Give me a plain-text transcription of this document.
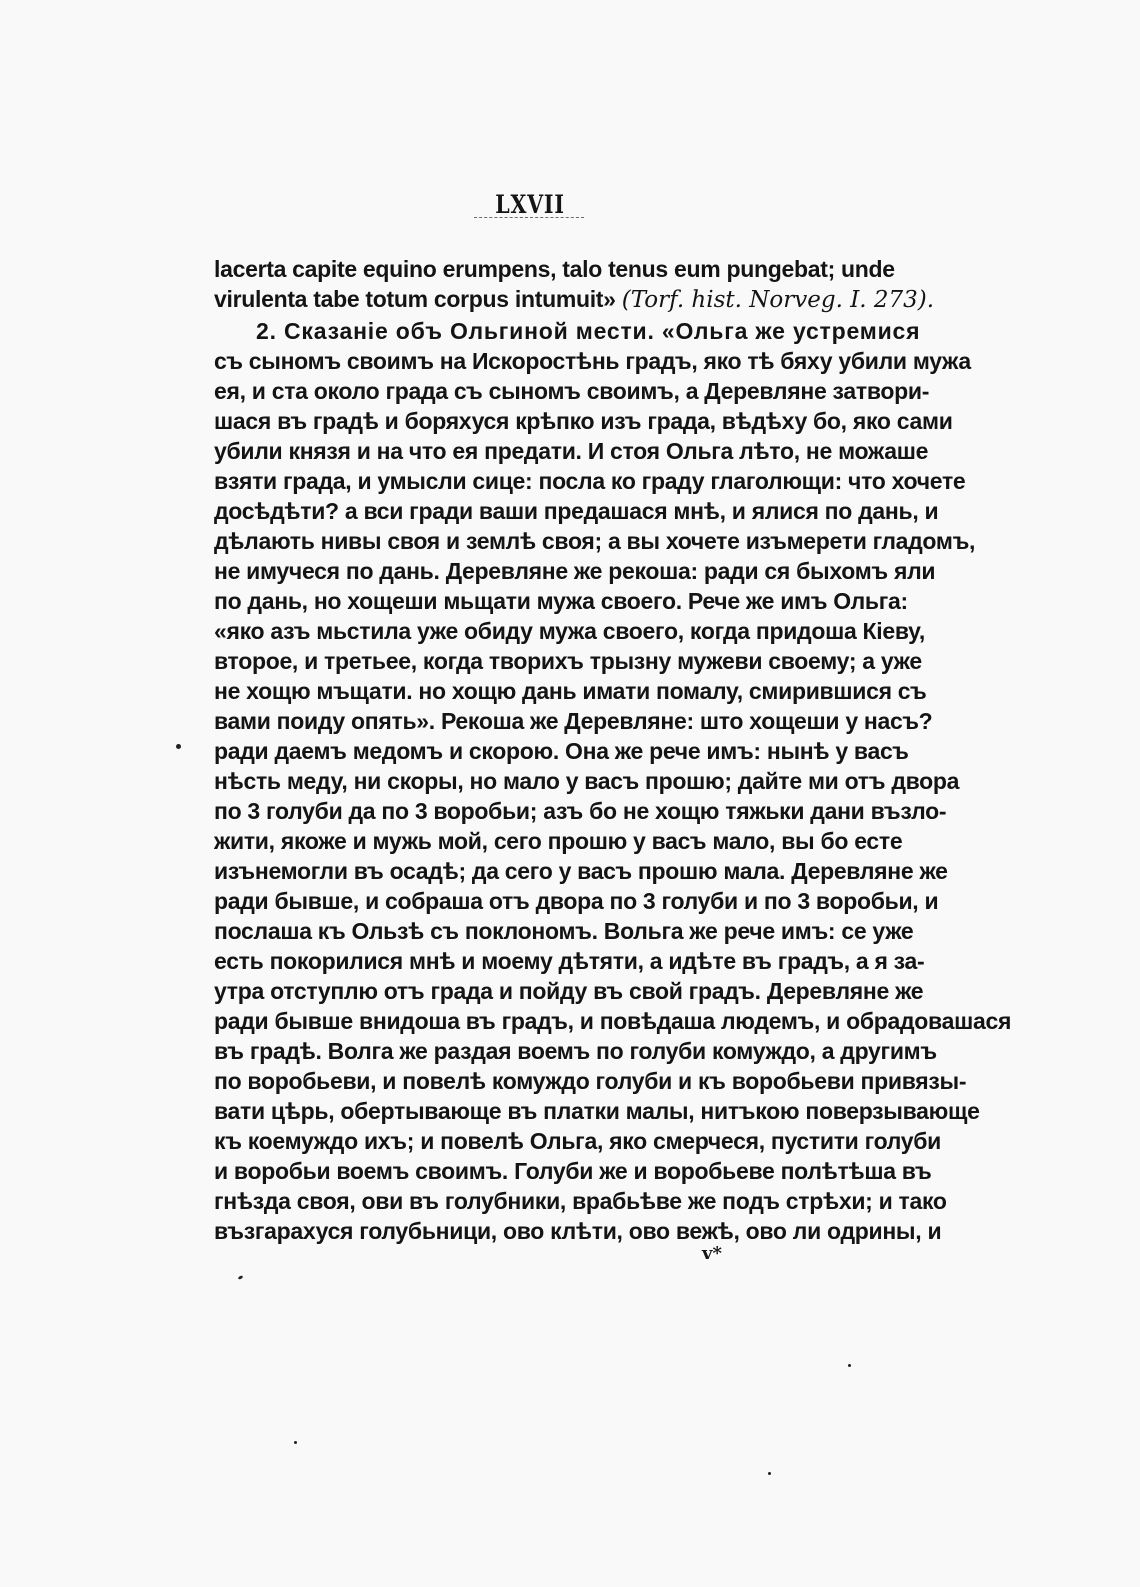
LXVII
lacerta capite equino erumpens, talo tenus eum pungebat; unde
virulenta tabe totum corpus intumuit» (Torf. hist. Norveg. I. 273).
2. Сказанiе объ Ольгиной мести. «Ольга же устремися
съ сыномъ своимъ на Искоростѣнь градъ, яко тѣ бяху убили мужа
ея, и ста около града съ сыномъ своимъ, а Деревляне затвори-
шася въ градѣ и боряхуся крѣпко изъ града, вѣдѣху бо, яко сами
убили князя и на что ея предати. И стоя Ольга лѣто, не можаше
взяти града, и умысли сице: посла ко граду глаголющи: что хочете
досѣдѣти? а вси гради ваши предашася мнѣ, и ялися по дань, и
дѣлають нивы своя и землѣ своя; а вы хочете изъмерети гладомъ,
не имучеся по дань. Деревляне же рекоша: ради ся быхомъ яли
по дань, но хощеши мьщати мужа своего. Рече же имъ Ольга:
«яко азъ мьстила уже обиду мужа своего, когда придоша Кiеву,
второе, и третьее, когда творихъ трызну мужеви своему; а уже
не хощю мъщати. но хощю дань имати помалу, смирившися съ
вами поиду опять». Рекоша же Деревляне: што хощеши у насъ?
ради даемъ медомъ и скорою. Она же рече имъ: нынѣ у васъ
нѣсть меду, ни скоры, но мало у васъ прошю; дайте ми отъ двора
по 3 голуби да по 3 воробьи; азъ бо не хощю тяжьки дани възло-
жити, якоже и мужь мой, сего прошю у васъ мало, вы бо есте
изънемогли въ осадѣ; да сего у васъ прошю мала. Деревляне же
ради бывше, и собраша отъ двора по 3 голуби и по 3 воробьи, и
послаша къ Ользѣ съ поклономъ. Вольга же рече имъ: се уже
есть покорилися мнѣ и моему дѣтяти, а идѣте въ градъ, а я за-
утра отступлю отъ града и пойду въ свой градъ. Деревляне же
ради бывше внидоша въ градъ, и повѣдаша людемъ, и обрадовашася
въ градѣ. Волга же раздая воемъ по голуби комуждо, а другимъ
по воробьеви, и повелѣ комуждо голуби и къ воробьеви привязы-
вати цѣрь, обертывающе въ платки малы, нитъкою поверзывающе
къ коемуждо ихъ; и повелѣ Ольга, яко смерчеся, пустити голуби
и воробьи воемъ своимъ. Голуби же и воробьеве полѣтѣша въ
гнѣзда своя, ови въ голубники, врабьѣве же подъ стрѣхи; и тако
възгарахуся голубьници, ово клѣти, ово вежѣ, ово ли одрины, и
v*
